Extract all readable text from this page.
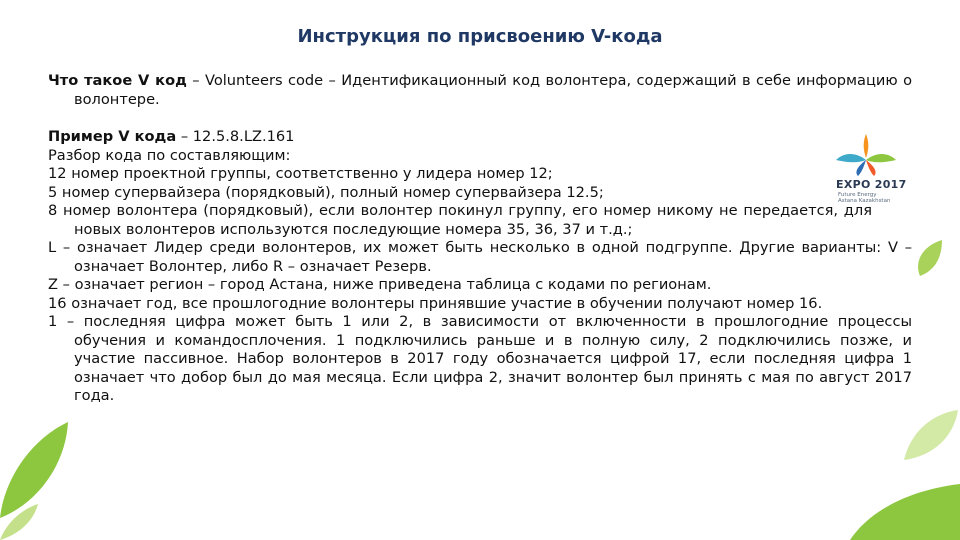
EXPO 2017
Future Energy
Astana Kazakhstan
Инструкция по присвоению V-кода

Что такое V код – Volunteers code – Идентификационный код волонтера, содержащий в себе информацию о волонтере.

Пример V кода – 12.5.8.LZ.161

Разбор кода по составляющим:

12 номер проектной группы, соответственно у лидера номер 12;

5 номер супервайзера (порядковый), полный номер супервайзера 12.5;

8 номер волонтера (порядковый), если волонтер покинул группу, его номер никому не передается, для новых волонтеров используются последующие номера 35, 36, 37 и т.д.;

L – означает Лидер среди волонтеров, их может быть несколько в одной подгруппе. Другие варианты: V – означает Волонтер, либо R – означает Резерв.

Z – означает регион – город Астана, ниже приведена таблица с кодами по регионам.

16 означает год, все прошлогодние волонтеры принявшие участие в обучении получают номер 16.

1 – последняя цифра может быть 1 или 2, в зависимости от включенности в прошлогодние процессы обучения и командосплочения. 1 подключились раньше и в полную силу, 2 подключились позже, и участие пассивное. Набор волонтеров в 2017 году обозначается цифрой 17, если последняя цифра 1 означает что добор был до мая месяца. Если цифра 2, значит волонтер был принять с мая по август 2017 года.
